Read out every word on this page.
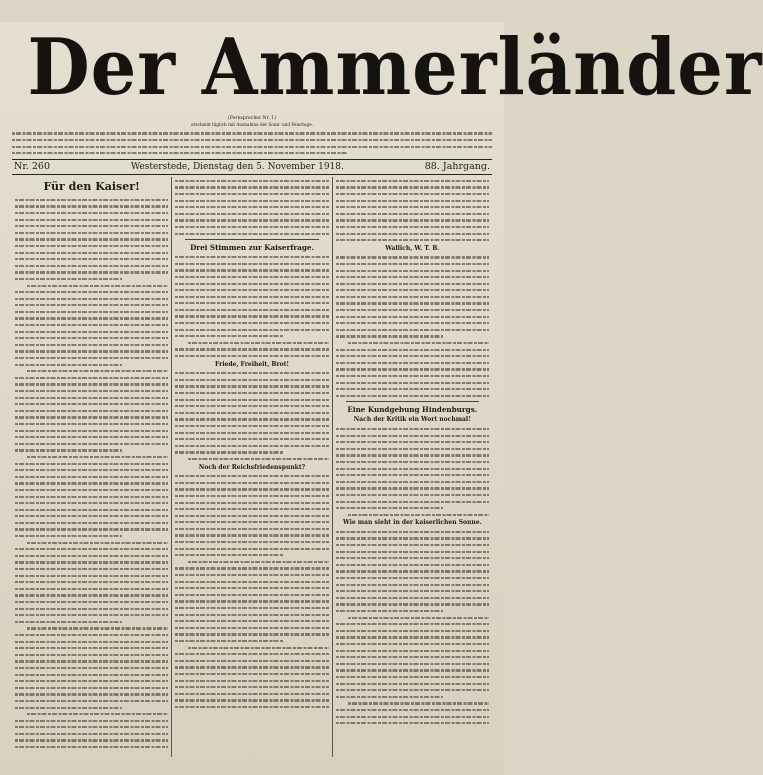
Der Ammerländer
(Fernsprecher Nr. 1)
erscheint täglich mit Ausnahme der Sonn- und Feiertage.
Nr. 260	Westerstede, Dienstag den 5. November 1918.	88. Jahrgang.
Für den Kaiser!
Drei Stimmen zur Kaiserfrage.
Friede, Freiheit, Brot!
Noch der Reichsfriedenspunkt?
Wallich, W. T. B.
Eine Kundgebung Hindenburgs.
Nach der Kritik ein Wort nochmal!
Wie man sieht in der kaiserlichen Sonne.
